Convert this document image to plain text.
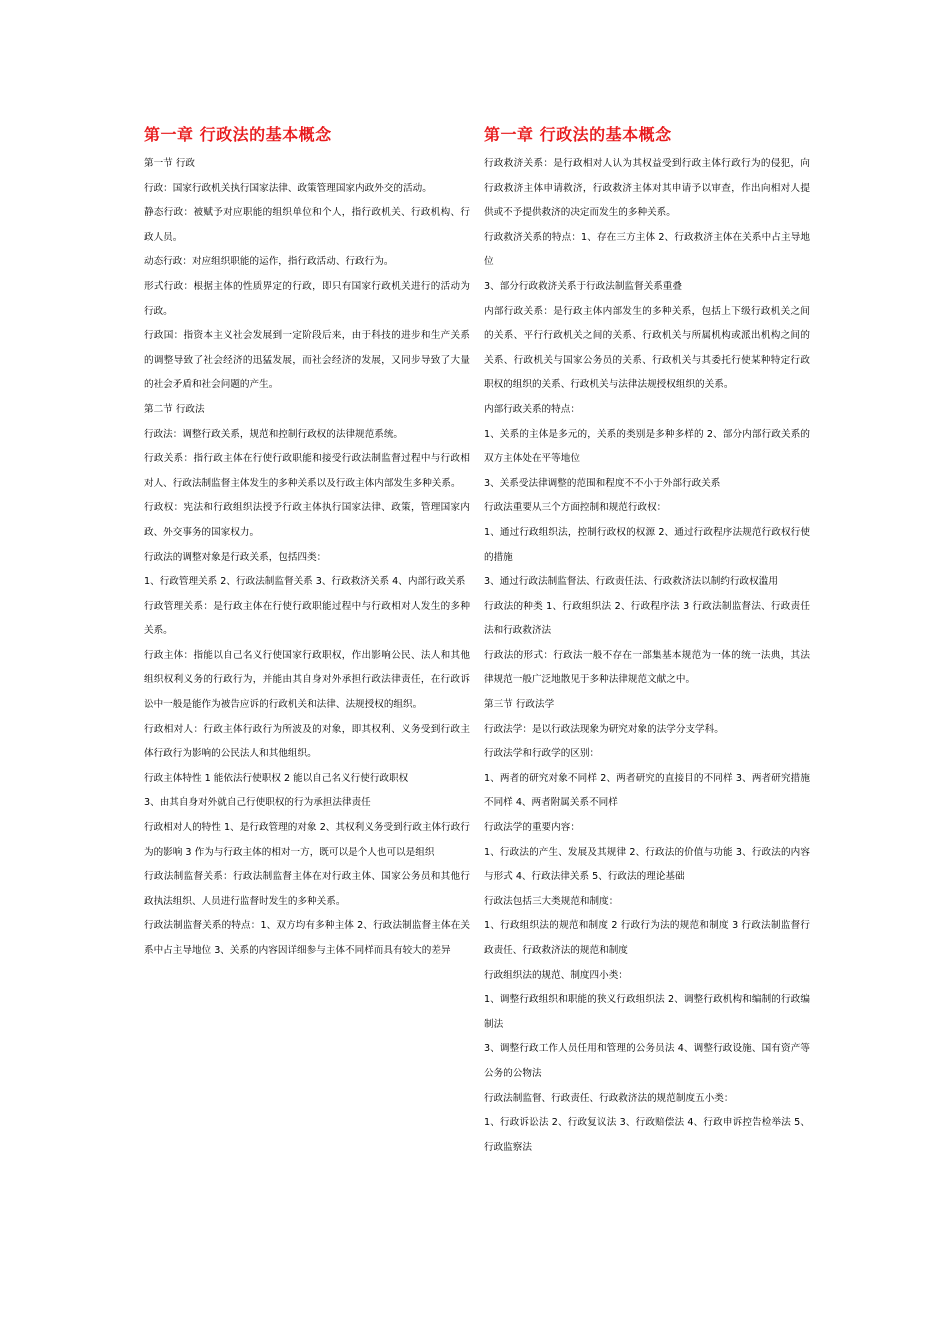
第一章 行政法的基本概念

第一节 行政

行政：国家行政机关执行国家法律、政策管理国家内政外交的活动。

静态行政：被赋予对应职能的组织单位和个人，指行政机关、行政机构、行政人员。

动态行政：对应组织职能的运作，指行政活动、行政行为。

形式行政：根据主体的性质界定的行政，即只有国家行政机关进行的活动为行政。

行政国：指资本主义社会发展到一定阶段后来，由于科技的进步和生产关系的调整导致了社会经济的迅猛发展，而社会经济的发展，又同步导致了大量的社会矛盾和社会问题的产生。

第二节 行政法

行政法：调整行政关系，规范和控制行政权的法律规范系统。

行政关系：指行政主体在行使行政职能和接受行政法制监督过程中与行政相对人、行政法制监督主体发生的多种关系以及行政主体内部发生多种关系。

行政权：宪法和行政组织法授予行政主体执行国家法律、政策，管理国家内政、外交事务的国家权力。

行政法的调整对象是行政关系，包括四类：

1、行政管理关系 2、行政法制监督关系 3、行政救济关系 4、内部行政关系

行政管理关系：是行政主体在行使行政职能过程中与行政相对人发生的多种关系。

行政主体：指能以自己名义行使国家行政职权，作出影响公民、法人和其他组织权利义务的行政行为，并能由其自身对外承担行政法律责任，在行政诉讼中一般是能作为被告应诉的行政机关和法律、法规授权的组织。

行政相对人：行政主体行政行为所波及的对象，即其权利、义务受到行政主体行政行为影响的公民法人和其他组织。

行政主体特性 1 能依法行使职权 2 能以自己名义行使行政职权

3、由其自身对外就自己行使职权的行为承担法律责任

行政相对人的特性 1、是行政管理的对象 2、其权利义务受到行政主体行政行为的影响 3 作为与行政主体的相对一方，既可以是个人也可以是组织

行政法制监督关系：行政法制监督主体在对行政主体、国家公务员和其他行政执法组织、人员进行监督时发生的多种关系。

行政法制监督关系的特点：1、双方均有多种主体 2、行政法制监督主体在关系中占主导地位 3、关系的内容因详细参与主体不同样而具有较大的差异

第一章 行政法的基本概念

行政救济关系：是行政相对人认为其权益受到行政主体行政行为的侵犯，向行政救济主体申请救济，行政救济主体对其申请予以审查，作出向相对人提供或不予提供救济的决定而发生的多种关系。

行政救济关系的特点：1、存在三方主体 2、行政救济主体在关系中占主导地位

3、部分行政救济关系于行政法制监督关系重叠

内部行政关系：是行政主体内部发生的多种关系，包括上下级行政机关之间的关系、平行行政机关之间的关系、行政机关与所属机构或派出机构之间的关系、行政机关与国家公务员的关系、行政机关与其委托行使某种特定行政职权的组织的关系、行政机关与法律法规授权组织的关系。

内部行政关系的特点：

1、关系的主体是多元的，关系的类别是多种多样的 2、部分内部行政关系的双方主体处在平等地位

3、关系受法律调整的范围和程度不不小于外部行政关系

行政法重要从三个方面控制和规范行政权：

1、通过行政组织法，控制行政权的权源 2、通过行政程序法规范行政权行使的措施

3、通过行政法制监督法、行政责任法、行政救济法以制约行政权滥用

行政法的种类 1、行政组织法 2、行政程序法 3 行政法制监督法、行政责任法和行政救济法

行政法的形式：行政法一般不存在一部集基本规范为一体的统一法典，其法律规范一般广泛地散见于多种法律规范文献之中。

第三节 行政法学

行政法学：是以行政法现象为研究对象的法学分支学科。

行政法学和行政学的区别：

1、两者的研究对象不同样 2、两者研究的直接目的不同样 3、两者研究措施不同样 4、两者附属关系不同样

行政法学的重要内容：

1、行政法的产生、发展及其规律 2、行政法的价值与功能 3、行政法的内容与形式 4、行政法律关系 5、行政法的理论基础

行政法包括三大类规范和制度：

1、行政组织法的规范和制度 2 行政行为法的规范和制度 3 行政法制监督行政责任、行政救济法的规范和制度

行政组织法的规范、制度四小类：

1、调整行政组织和职能的狭义行政组织法 2、调整行政机构和编制的行政编制法

3、调整行政工作人员任用和管理的公务员法 4、调整行政设施、国有资产等公务的公物法

行政法制监督、行政责任、行政救济法的规范制度五小类：

1、行政诉讼法 2、行政复议法 3、行政赔偿法 4、行政申诉控告检举法 5、行政监察法
